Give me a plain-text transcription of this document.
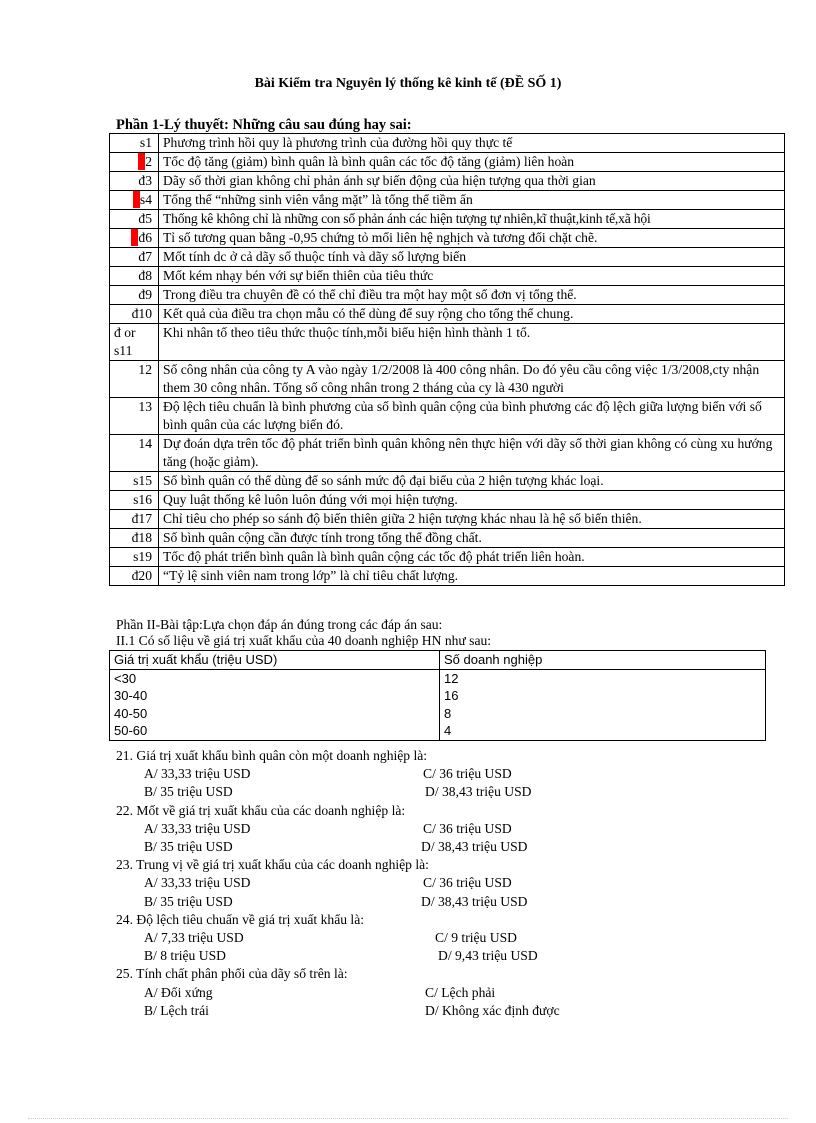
Bài Kiểm tra Nguyên lý thống kê kinh tế (ĐỀ SỐ 1)
Phần 1-Lý thuyết: Những câu sau đúng hay sai:
s1	Phương trình hồi quy là phương trình của đường hồi quy thực tế
2	Tốc độ tăng (giảm) bình quân là bình quân các tốc độ tăng (giảm) liên hoàn
đ3	Dãy số thời gian không chỉ phản ánh sự biến động của hiện tượng qua thời gian
s4	Tổng thể “những sinh viên vắng mặt” là tổng thể tiềm ẩn
đ5	Thống kê không chỉ là những con số phản ánh các hiện tượng tự nhiên,kĩ thuật,kinh tế,xã hội
đ6	Tỉ số tương quan bằng -0,95 chứng tỏ mối liên hệ nghịch và tương đối chặt chẽ.
đ7	Mốt tính dc ở cả dãy số thuộc tính và dãy số lượng biến
đ8	Mốt kém nhạy bén với sự biến thiên của tiêu thức
đ9	Trong điều tra chuyên đề có thể chỉ điều tra một hay một số đơn vị tổng thể.
đ10	Kết quả của điều tra chọn mẫu có thể dùng để suy rộng cho tổng thể chung.
đ or s11	Khi nhân tố theo tiêu thức thuộc tính,mỗi biểu hiện hình thành 1 tổ.
12	Số công nhân của công ty A vào ngày 1/2/2008 là 400 công nhân. Do đó yêu cầu công việc 1/3/2008,cty nhận them 30 công nhân. Tổng số công nhân trong 2 tháng của cy là 430 người
13	Độ lệch tiêu chuẩn là bình phương của số bình quân cộng của bình phương các độ lệch giữa lượng biến với số bình quân của các lượng biến đó.
14	Dự đoán dựa trên tốc độ phát triển bình quân không nên thực hiện với dãy số thời gian không có cùng xu hướng tăng (hoặc giảm).
s15	Số bình quân có thể dùng để so sánh mức độ đại biểu của 2 hiện tượng khác loại.
s16	Quy luật thống kê luôn luôn đúng với mọi hiện tượng.
đ17	Chỉ tiêu cho phép so sánh độ biến thiên giữa 2 hiện tượng khác nhau là hệ số biến thiên.
đ18	Số bình quân cộng cần được tính trong tổng thể đồng chất.
s19	Tốc độ phát triển bình quân là bình quân cộng các tốc độ phát triển liên hoàn.
đ20	“Tỷ lệ sinh viên nam trong lớp” là chỉ tiêu chất lượng.
Phần II-Bài tập:Lựa chọn đáp án đúng trong các đáp án sau:
II.1 Có số liệu về giá trị xuất khẩu của 40 doanh nghiệp HN như sau:
Giá trị xuất khẩu (triệu USD)	Số doanh nghiệp
<30	12
30-40	16
40-50	8
50-60	4
21. Giá trị xuất khẩu bình quân còn một doanh nghiệp là:
A/ 33,33 triệu USD	C/ 36 triệu USD
B/ 35 triệu USD	D/ 38,43 triệu USD
22. Mốt về giá trị xuất khẩu của các doanh nghiệp là:
A/ 33,33 triệu USD	C/ 36 triệu USD
B/ 35 triệu USD	D/ 38,43 triệu USD
23. Trung vị về giá trị xuất khẩu của các doanh nghiệp là:
A/ 33,33 triệu USD	C/ 36 triệu USD
B/ 35 triệu USD	D/ 38,43 triệu USD
24. Độ lệch tiêu chuẩn về giá trị xuất khẩu là:
A/ 7,33 triệu USD	C/ 9 triệu USD
B/ 8 triệu USD	D/ 9,43 triệu USD
25. Tính chất phân phối của dãy số trên là:
A/ Đối xứng	C/ Lệch phải
B/ Lệch trái	D/ Không xác định được
